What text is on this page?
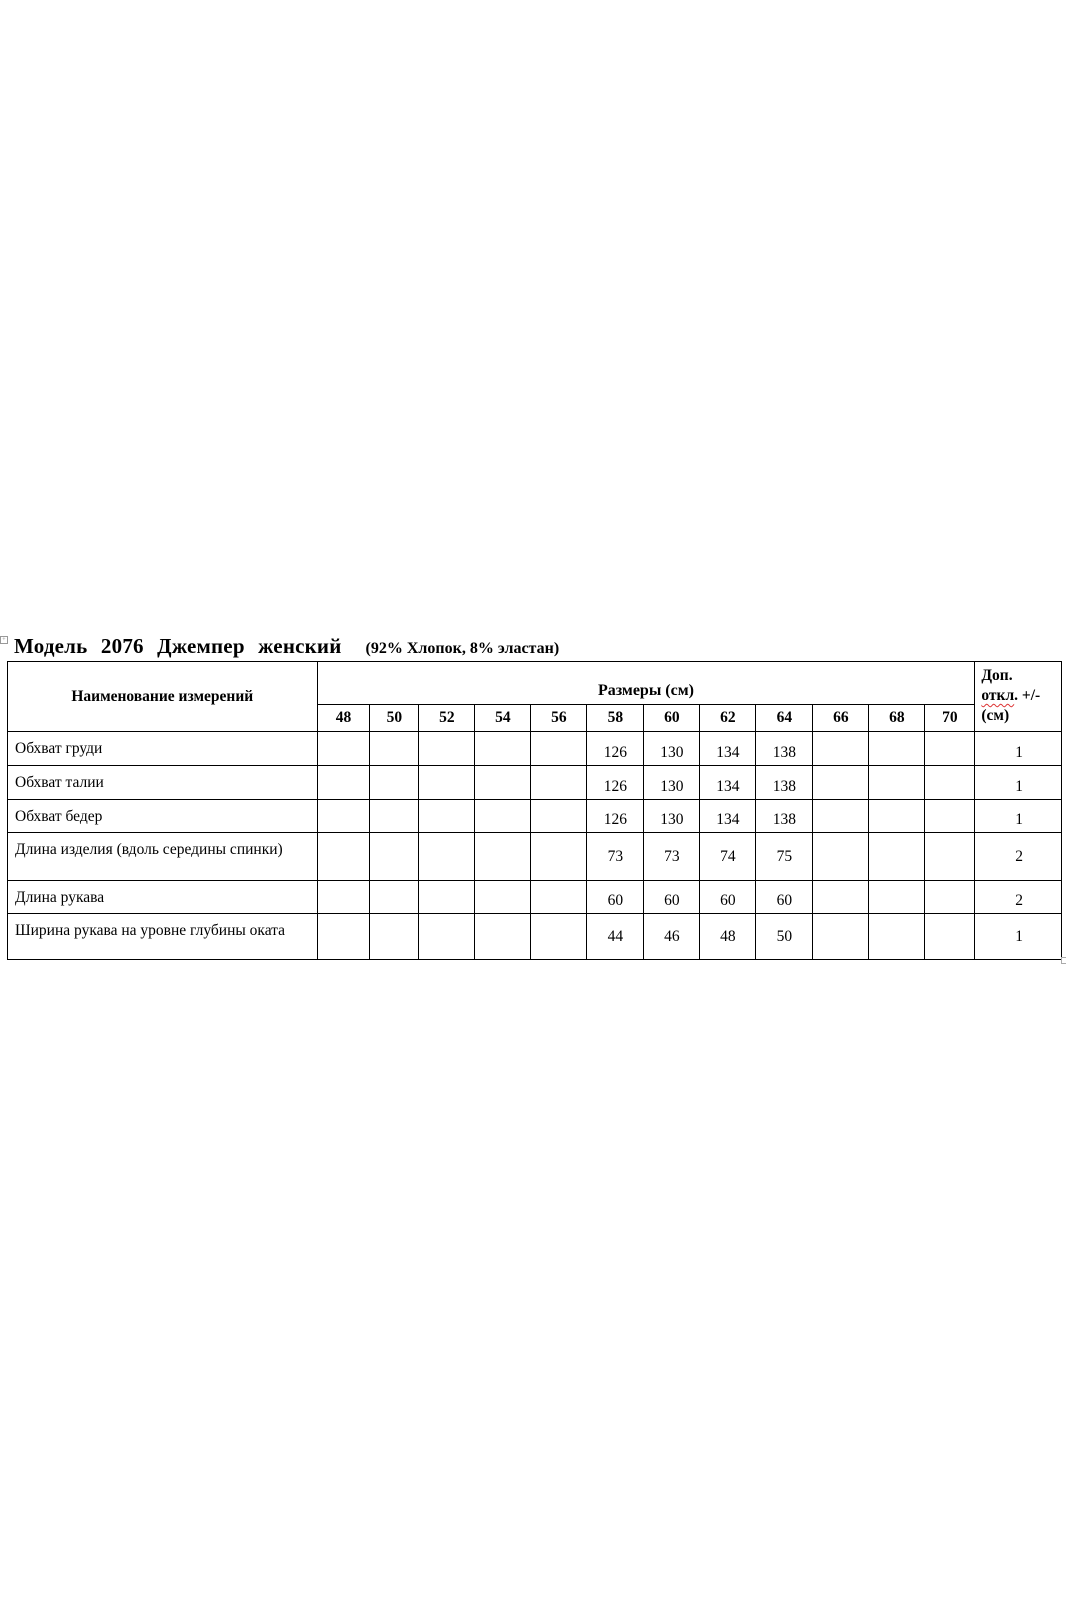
+ Модель 2076 Джемпер женский (92% Хлопок, 8% эластан)
Наименование измерений	Размеры (см)												Доп.
откл. +/-
(см)
	48	50	52	54	56	58	60	62	64	66	68	70	
Обхват груди						126	130	134	138				1
Обхват талии						126	130	134	138				1
Обхват бедер						126	130	134	138				1
Длина изделия (вдоль середины спинки)						73	73	74	75				2
Длина рукава						60	60	60	60				2
Ширина рукава на уровне глубины оката						44	46	48	50				1
